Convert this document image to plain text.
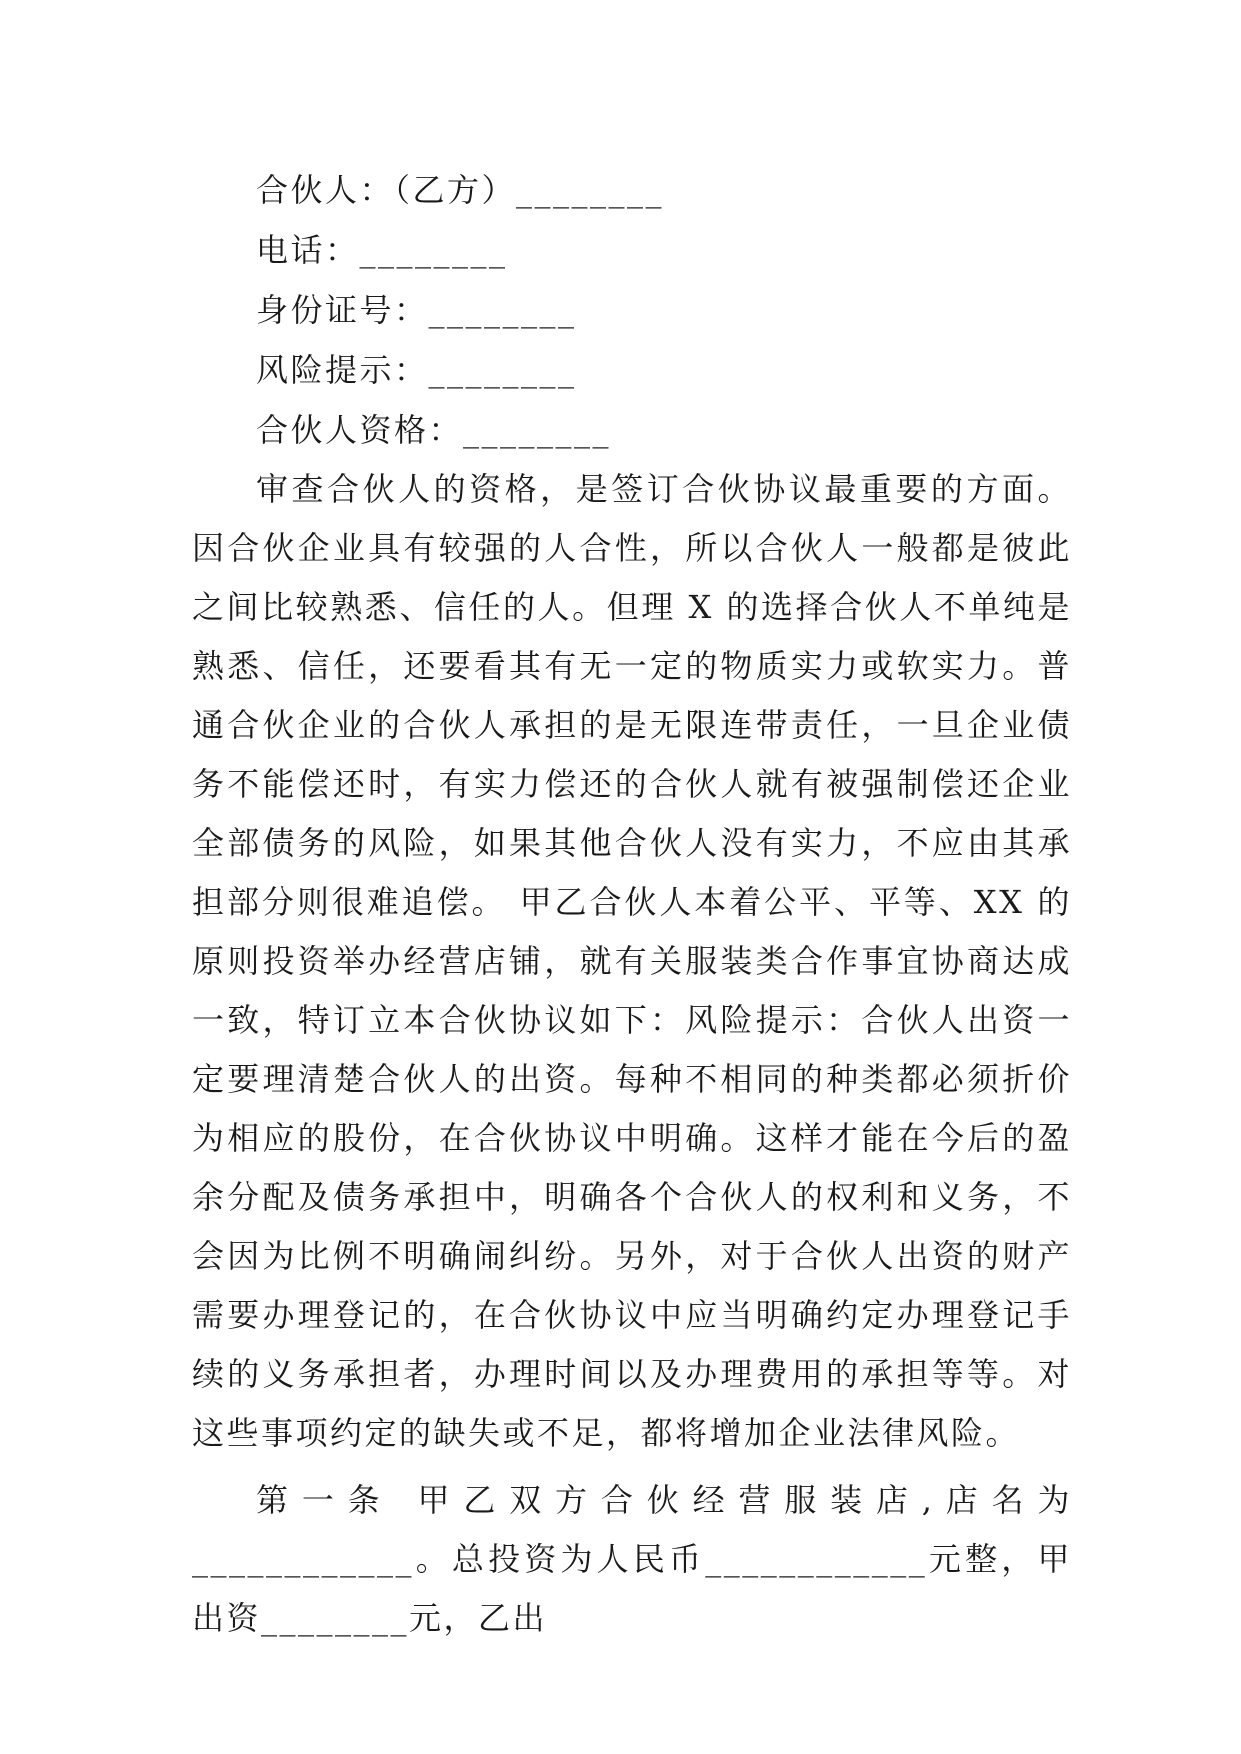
合伙人：（乙方）________

电话：________

身份证号：________

风险提示：________

合伙人资格：________

审查合伙人的资格，是签订合伙协议最重要的方面。因合伙企业具有较强的人合性，所以合伙人一般都是彼此之间比较熟悉、信任的人。但理 X 的选择合伙人不单纯是熟悉、信任，还要看其有无一定的物质实力或软实力。普通合伙企业的合伙人承担的是无限连带责任，一旦企业债务不能偿还时，有实力偿还的合伙人就有被强制偿还企业全部债务的风险，如果其他合伙人没有实力，不应由其承担部分则很难追偿。 甲乙合伙人本着公平、平等、XX 的原则投资举办经营店铺，就有关服装类合作事宜协商达成一致，特订立本合伙协议如下：风险提示：合伙人出资一定要理清楚合伙人的出资。每种不相同的种类都必须折价为相应的股份，在合伙协议中明确。这样才能在今后的盈余分配及债务承担中，明确各个合伙人的权利和义务，不会因为比例不明确闹纠纷。另外，对于合伙人出资的财产需要办理登记的，在合伙协议中应当明确约定办理登记手续的义务承担者，办理时间以及办理费用的承担等等。对这些事项约定的缺失或不足，都将增加企业法律风险。

第一条 甲乙双方合伙经营服装店,店名为____________。总投资为人民币____________元整，甲出资________元，乙出
